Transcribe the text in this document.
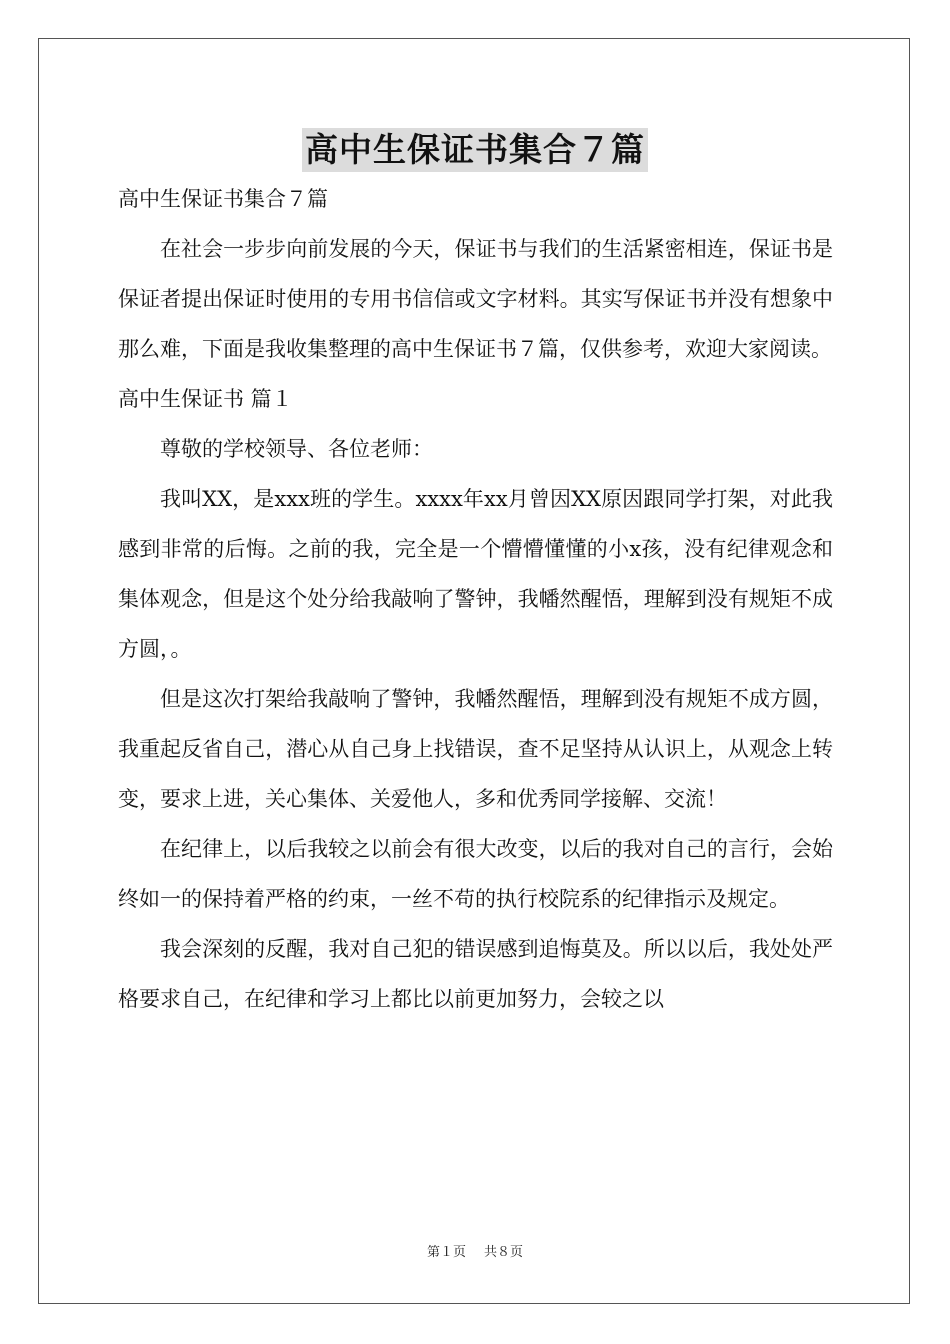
高中生保证书集合７篇

高中生保证书集合７篇

在社会一步步向前发展的今天，保证书与我们的生活紧密相连，保证书是保证者提出保证时使用的专用书信信或文字材料。其实写保证书并没有想象中那么难，下面是我收集整理的高中生保证书７篇，仅供参考，欢迎大家阅读。

高中生保证书 篇１

尊敬的学校领导、各位老师：

我叫XX，是xxx班的学生。xxxx年xx月曾因XX原因跟同学打架，对此我感到非常的后悔。之前的我，完全是一个懵懵懂懂的小x孩，没有纪律观念和集体观念，但是这个处分给我敲响了警钟，我幡然醒悟，理解到没有规矩不成方圆，。

但是这次打架给我敲响了警钟，我幡然醒悟，理解到没有规矩不成方圆，我重起反省自己，潜心从自己身上找错误，查不足坚持从认识上，从观念上转变，要求上进，关心集体、关爱他人，多和优秀同学接解、交流！

在纪律上，以后我较之以前会有很大改变，以后的我对自己的言行，会始终如一的保持着严格的约束，一丝不苟的执行校院系的纪律指示及规定。

我会深刻的反醒，我对自己犯的错误感到追悔莫及。所以以后，我处处严格要求自己，在纪律和学习上都比以前更加努力，会较之以

第１页 共８页
